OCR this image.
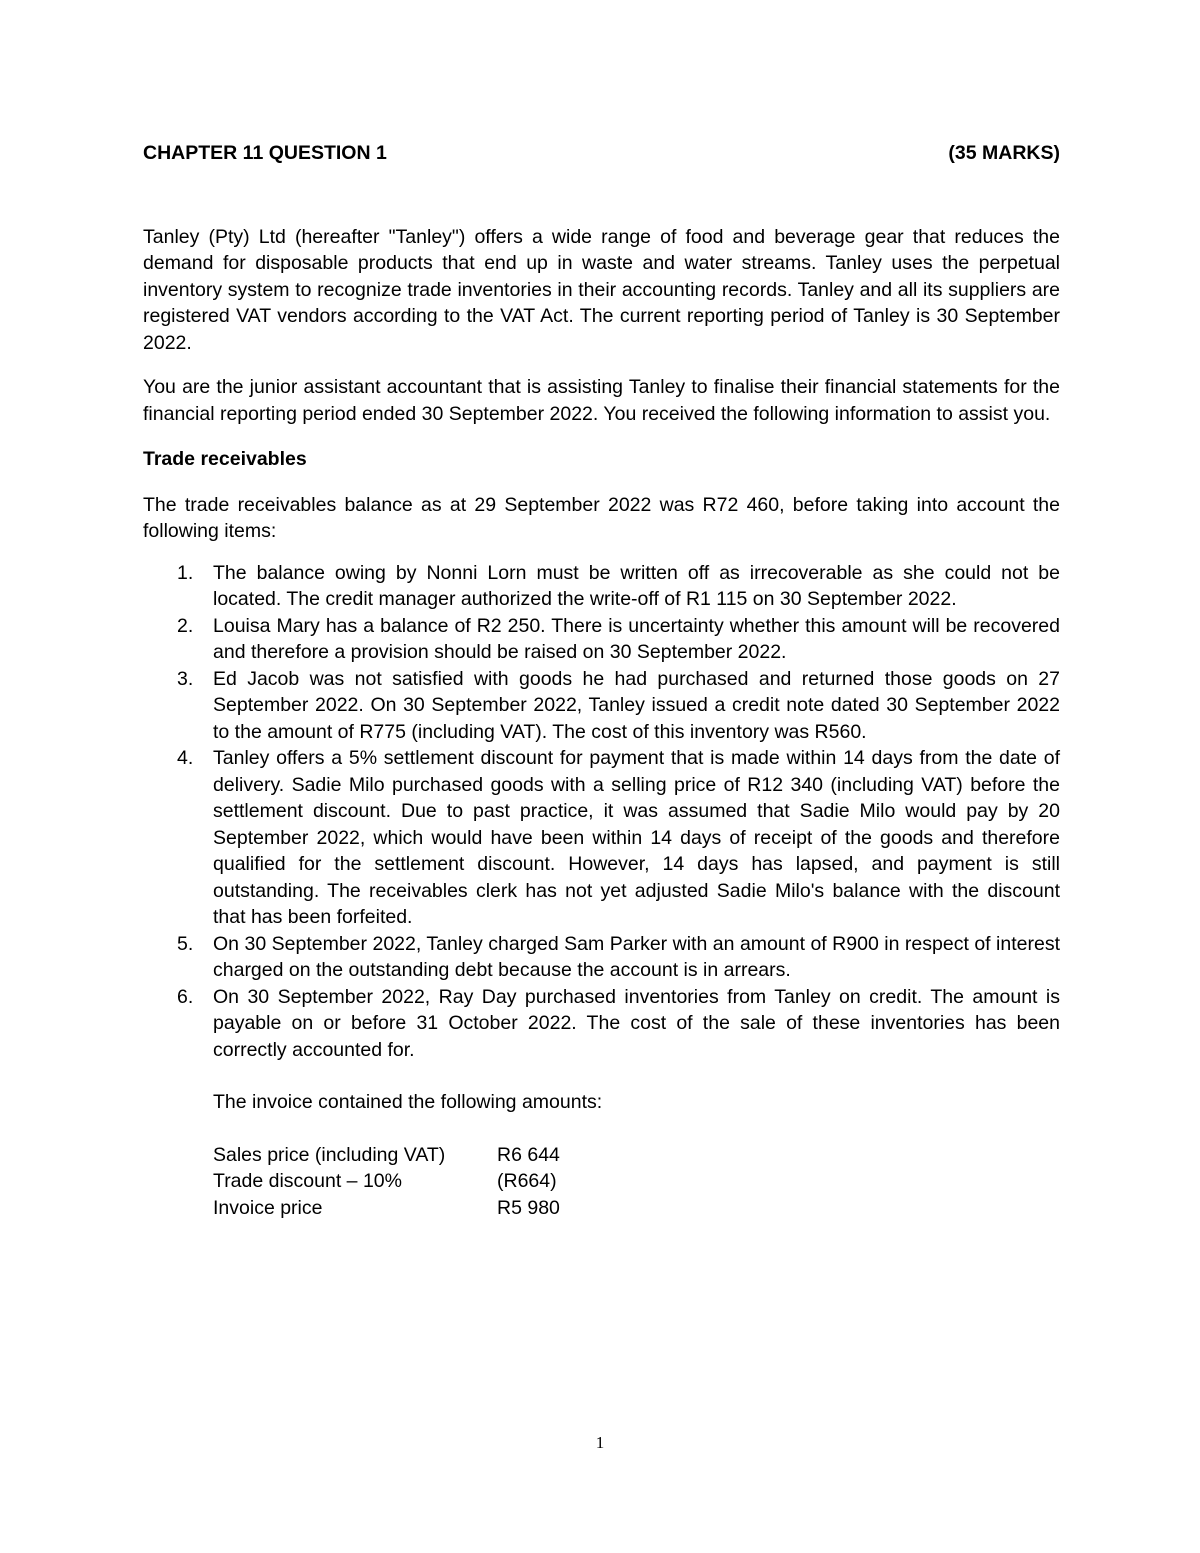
CHAPTER 11 QUESTION 1	(35 MARKS)

Tanley (Pty) Ltd (hereafter "Tanley") offers a wide range of food and beverage gear that reduces the demand for disposable products that end up in waste and water streams. Tanley uses the perpetual inventory system to recognize trade inventories in their accounting records. Tanley and all its suppliers are registered VAT vendors according to the VAT Act. The current reporting period of Tanley is 30 September 2022.

You are the junior assistant accountant that is assisting Tanley to finalise their financial statements for the financial reporting period ended 30 September 2022. You received the following information to assist you.

Trade receivables

The trade receivables balance as at 29 September 2022 was R72 460, before taking into account the following items:

1. The balance owing by Nonni Lorn must be written off as irrecoverable as she could not be located. The credit manager authorized the write-off of R1 115 on 30 September 2022.
2. Louisa Mary has a balance of R2 250. There is uncertainty whether this amount will be recovered and therefore a provision should be raised on 30 September 2022.
3. Ed Jacob was not satisfied with goods he had purchased and returned those goods on 27 September 2022. On 30 September 2022, Tanley issued a credit note dated 30 September 2022 to the amount of R775 (including VAT). The cost of this inventory was R560.
4. Tanley offers a 5% settlement discount for payment that is made within 14 days from the date of delivery. Sadie Milo purchased goods with a selling price of R12 340 (including VAT) before the settlement discount. Due to past practice, it was assumed that Sadie Milo would pay by 20 September 2022, which would have been within 14 days of receipt of the goods and therefore qualified for the settlement discount. However, 14 days has lapsed, and payment is still outstanding. The receivables clerk has not yet adjusted Sadie Milo's balance with the discount that has been forfeited.
5. On 30 September 2022, Tanley charged Sam Parker with an amount of R900 in respect of interest charged on the outstanding debt because the account is in arrears.
6. On 30 September 2022, Ray Day purchased inventories from Tanley on credit. The amount is payable on or before 31 October 2022. The cost of the sale of these inventories has been correctly accounted for.

The invoice contained the following amounts:

Sales price (including VAT)	R6 644
Trade discount – 10%	(R664)
Invoice price	R5 980
1
